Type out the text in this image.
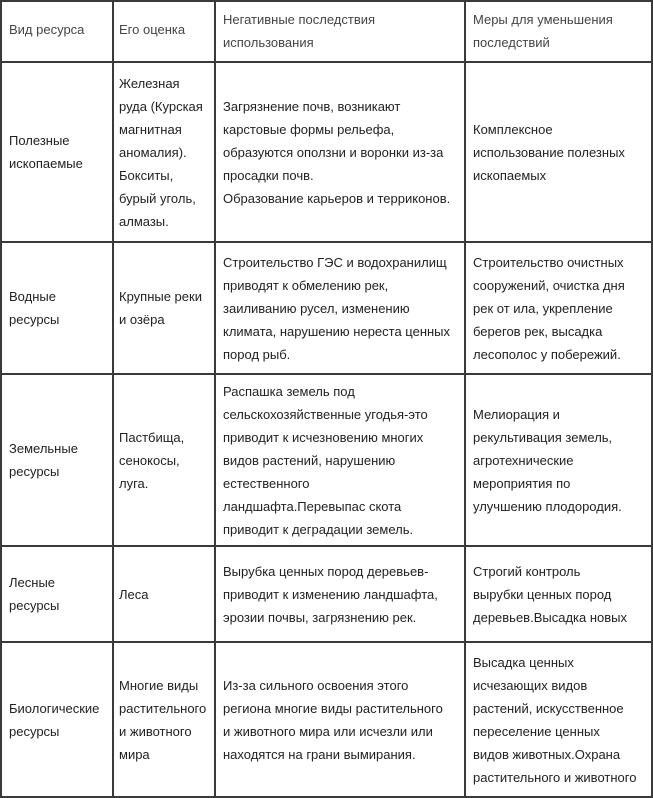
Вид ресурса	Его оценка
Негативные последствия
использования
Меры для уменьшения
последствий
Полезные
ископаемые
Железная
руда (Курская
магнитная
аномалия).
Бокситы,
бурый уголь,
алмазы.
Загрязнение почв, возникают
карстовые формы рельефа,
образуются оползни и воронки из-за
просадки почв.
Образование карьеров и терриконов.
Комплексное
использование полезных
ископаемых
Водные
ресурсы
Крупные реки
и озёра
Строительство ГЭС и водохранилищ
приводят к обмелению рек,
заиливанию русел, изменению
климата, нарушению нереста ценных
пород рыб.
Строительство очистных
сооружений, очистка дня
рек от ила, укрепление
берегов рек, высадка
лесополос у побережий.
Земельные
ресурсы
Пастбища,
сенокосы,
луга.
Распашка земель под
сельскохозяйственные угодья-это
приводит к исчезновению многих
видов растений, нарушению
естественного
ландшафта.Перевыпас скота
приводит к деградации земель.
Мелиорация и
рекультивация земель,
агротехнические
мероприятия по
улучшению плодородия.
Лесные
ресурсы
Леса
Вырубка ценных пород деревьев-
приводит к изменению ландшафта,
эрозии почвы, загрязнению рек.
Строгий контроль
вырубки ценных пород
деревьев.Высадка новых
Биологические
ресурсы
Многие виды
растительного
и животного
мира
Из-за сильного освоения этого
региона многие виды растительного
и животного мира или исчезли или
находятся на грани вымирания.
Высадка ценных
исчезающих видов
растений, искусственное
переселение ценных
видов животных.Охрана
растительного и животного
